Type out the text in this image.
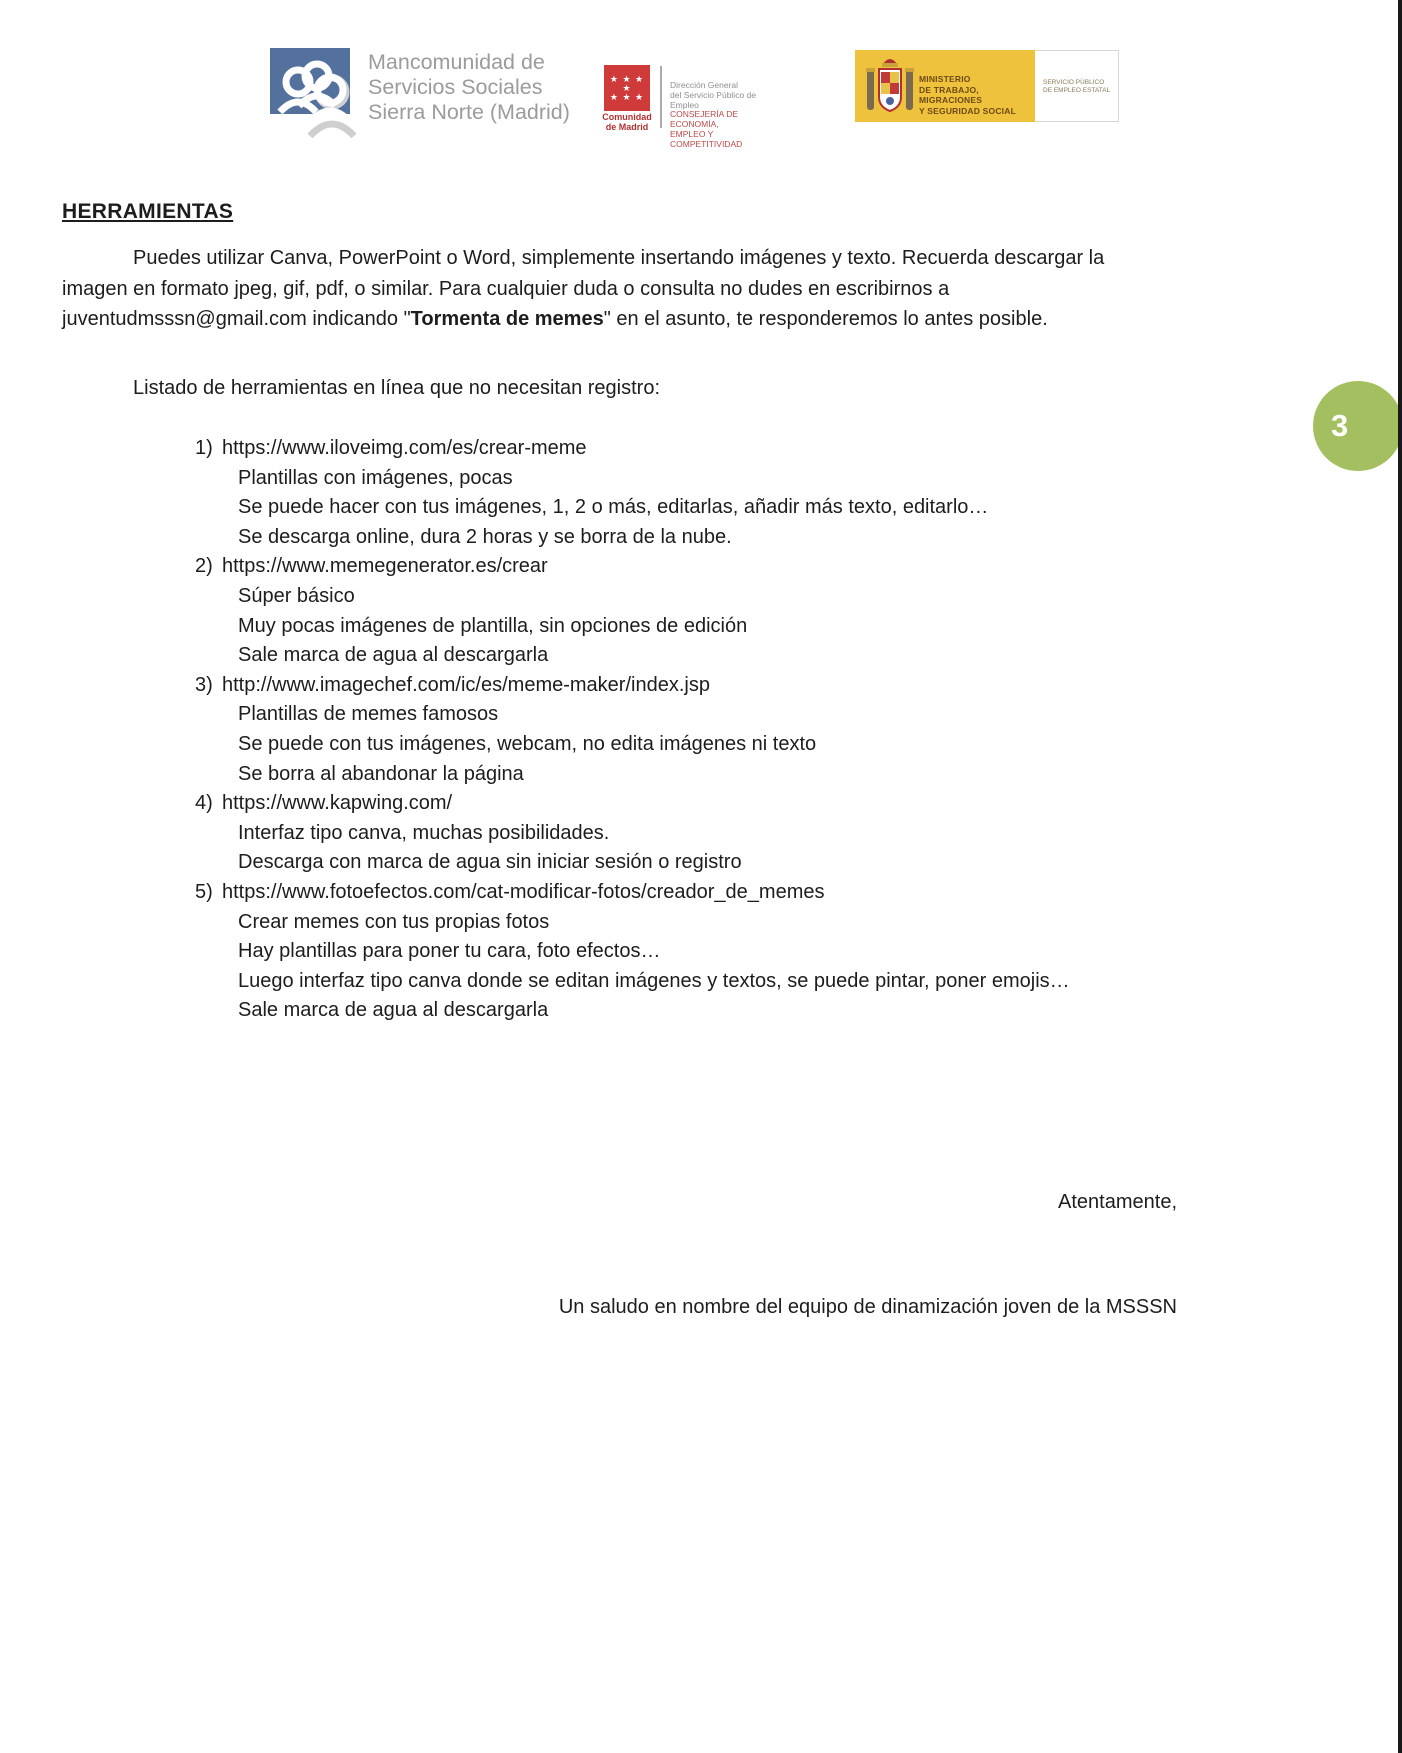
Mancomunidad de
Servicios Sociales
Sierra Norte (Madrid)
★ ★ ★ ★
★ ★ ★
Comunidad
de Madrid
Dirección General
del Servicio Público de Empleo
CONSEJERÍA DE ECONOMÍA,
EMPLEO Y COMPETITIVIDAD
MINISTERIO
DE TRABAJO, MIGRACIONES
Y SEGURIDAD SOCIAL
SERVICIO PÚBLICO
DE EMPLEO ESTATAL
3
HERRAMIENTAS
Puedes utilizar Canva, PowerPoint o Word, simplemente insertando imágenes y texto. Recuerda descargar la imagen en formato jpeg, gif, pdf, o similar. Para cualquier duda o consulta no dudes en escribirnos a juventudmsssn@gmail.com indicando "Tormenta de memes" en el asunto, te responderemos lo antes posible.
Listado de herramientas en línea que no necesitan registro:
1) https://www.iloveimg.com/es/crear-meme
Plantillas con imágenes, pocas
Se puede hacer con tus imágenes, 1, 2 o más, editarlas, añadir más texto, editarlo…
Se descarga online, dura 2 horas y se borra de la nube.
2) https://www.memegenerator.es/crear
Súper básico
Muy pocas imágenes de plantilla, sin opciones de edición
Sale marca de agua al descargarla
3) http://www.imagechef.com/ic/es/meme-maker/index.jsp
Plantillas de memes famosos
Se puede con tus imágenes, webcam, no edita imágenes ni texto
Se borra al abandonar la página
4) https://www.kapwing.com/
Interfaz tipo canva, muchas posibilidades.
Descarga con marca de agua sin iniciar sesión o registro
5) https://www.fotoefectos.com/cat-modificar-fotos/creador_de_memes
Crear memes con tus propias fotos
Hay plantillas para poner tu cara, foto efectos…
Luego interfaz tipo canva donde se editan imágenes y textos, se puede pintar, poner emojis…
Sale marca de agua al descargarla
Atentamente,
Un saludo en nombre del equipo de dinamización joven de la MSSSN
